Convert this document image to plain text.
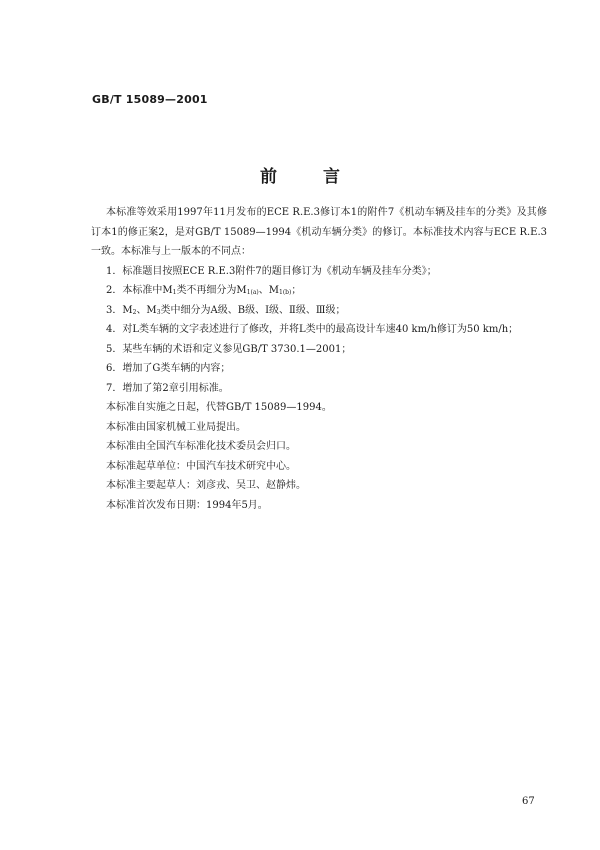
GB/T 15089—2001
前 言

本标准等效采用1997年11月发布的ECE R.E.3修订本1的附件7《机动车辆及挂车的分类》及其修订本1的修正案2，是对GB/T 15089—1994《机动车辆分类》的修订。本标准技术内容与ECE R.E.3一致。本标准与上一版本的不同点：

1．标准题目按照ECE R.E.3附件7的题目修订为《机动车辆及挂车分类》；

2．本标准中$M_1$类不再细分为$M_{1(a)}$、$M_{1(b)}$；

3．$M_2$、$M_3$类中细分为A级、B级、Ⅰ级、Ⅱ级、Ⅲ级；

4．对L类车辆的文字表述进行了修改，并将L类中的最高设计车速40 km/h修订为50 km/h；

5．某些车辆的术语和定义参见GB/T 3730.1—2001；

6．增加了G类车辆的内容；

7．增加了第2章引用标准。

本标准自实施之日起，代替GB/T 15089—1994。

本标准由国家机械工业局提出。

本标准由全国汽车标准化技术委员会归口。

本标准起草单位：中国汽车技术研究中心。

本标准主要起草人：刘彦戎、吴卫、赵静炜。

本标准首次发布日期：1994年5月。

67
